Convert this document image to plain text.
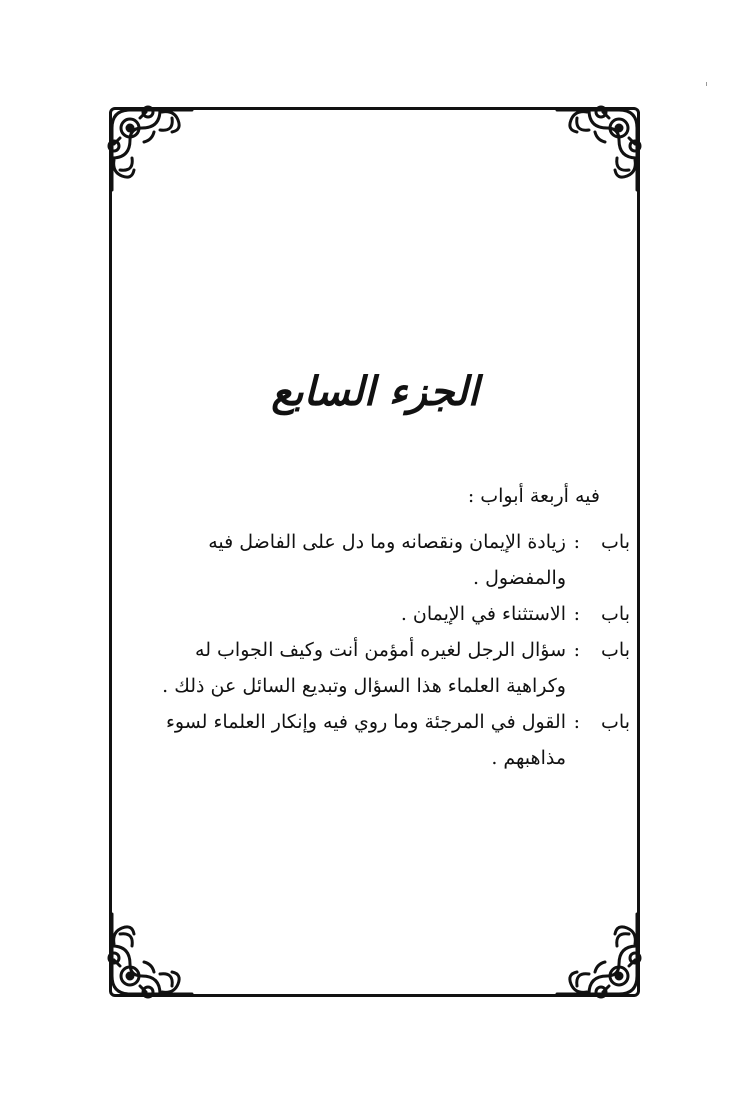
الجزء السابع
فيه أربعة أبواب :
باب
:
زيادة الإيمان ونقصانه وما دل على الفاضل فيه والمفضول .
باب
:
الاستثناء في الإيمان .
باب
:
سؤال الرجل لغيره أمؤمن أنت وكيف الجواب له وكراهية العلماء هذا السؤال وتبديع السائل عن ذلك .
باب
:
القول في المرجئة وما روي فيه وإنكار العلماء لسوء مذاهبهم .
